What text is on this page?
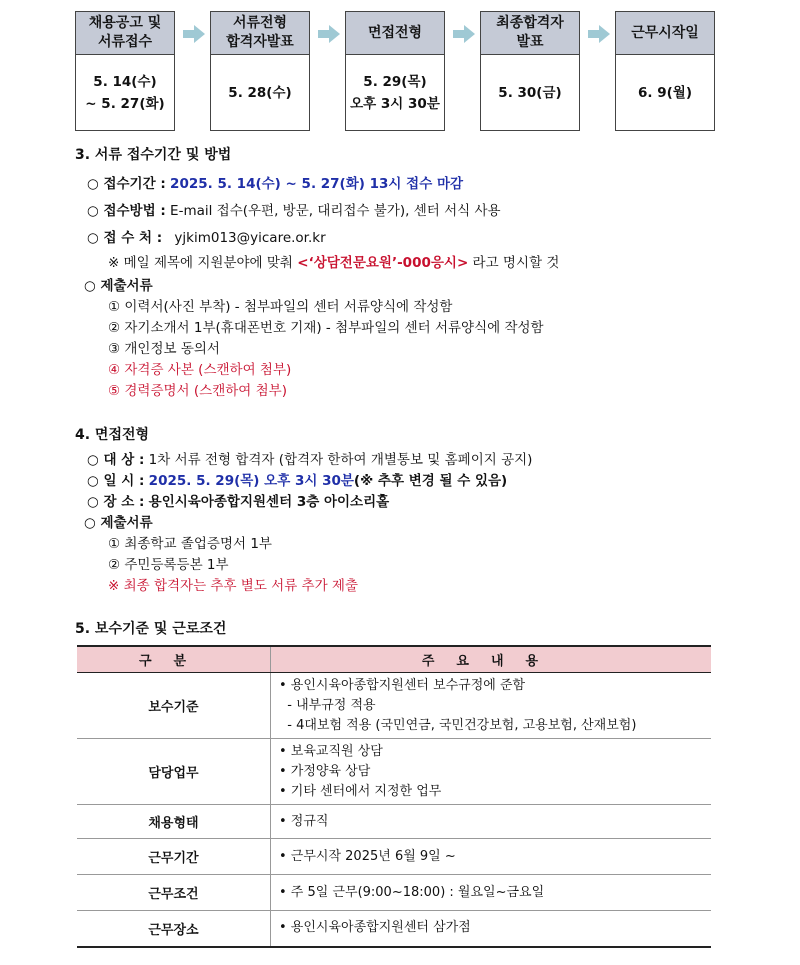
채용공고 및
서류접수
5. 14(수)
~ 5. 27(화)
서류전형
합격자발표
5. 28(수)
면접전형
5. 29(목)
오후 3시 30분
최종합격자
발표
5. 30(금)
근무시작일
6. 9(월)
3. 서류 접수기간 및 방법
○ 접수기간 : 2025. 5. 14(수) ~ 5. 27(화) 13시 접수 마감
○ 접수방법 : E-mail 접수(우편, 방문, 대리접수 불가), 센터 서식 사용
○ 접 수 처 : yjkim013@yicare.or.kr
※ 메일 제목에 지원분야에 맞춰 <‘상담전문요원’-000응시> 라고 명시할 것
○ 제출서류
① 이력서(사진 부착) - 첨부파일의 센터 서류양식에 작성함
② 자기소개서 1부(휴대폰번호 기재) - 첨부파일의 센터 서류양식에 작성함
③ 개인정보 동의서
④ 자격증 사본 (스캔하여 첨부)
⑤ 경력증명서 (스캔하여 첨부)
4. 면접전형
○ 대 상 : 1차 서류 전형 합격자 (합격자 한하여 개별통보 및 홈페이지 공지)
○ 일 시 : 2025. 5. 29(목) 오후 3시 30분(※ 추후 변경 될 수 있음)
○ 장 소 : 용인시육아종합지원센터 3층 아이소리홀
○ 제출서류
① 최종학교 졸업증명서 1부
② 주민등록등본 1부
※ 최종 합격자는 추후 별도 서류 추가 제출
5. 보수기준 및 근로조건
구분	주요내용
보수기준	• 용인시육아종합지원센터 보수규정에 준함
- 내부규정 적용
- 4대보험 적용 (국민연금, 국민건강보험, 고용보험, 산재보험)

담당업무	• 보육교직원 상담
• 가정양육 상담
• 기타 센터에서 지정한 업무

채용형태	• 정규직
근무기간	• 근무시작 2025년 6월 9일 ~
근무조건	• 주 5일 근무(9:00~18:00) : 월요일~금요일
근무장소	• 용인시육아종합지원센터 삼가점
